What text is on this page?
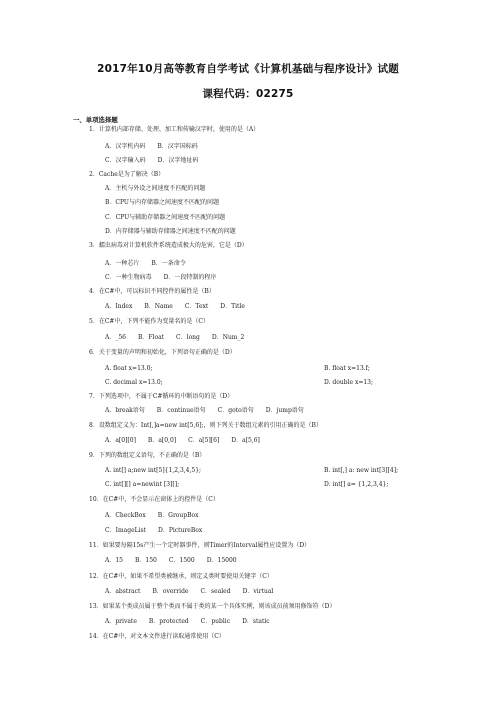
2017年10月高等教育自学考试《计算机基础与程序设计》试题
课程代码：02275
一、单项选择题
1．计算机内部存储、处理、加工和传输汉字时，使用的是（A）
A．汉字机内码　　B．汉字国标码
C．汉字输入码　　D．汉字地址码
2．Cache是为了解决（B）
A．主机与外设之间速度不匹配的问题
B．CPU与内存储器之间速度不匹配的问题
C．CPU与辅助存储器之间速度不匹配的问题
D．内存储器与辅助存储器之间速度不匹配的问题
3．蠕虫病毒对计算机软件系统造成极大的危害，它是（D）
A．一种芯片　　B．一条命令
C．一种生物病毒　　D．一段特制的程序
4．在C#中，可以标识不同控件的属性是（B）
A．Index　　B．Name　　C．Text　　D．Title
5．在C#中，下列不能作为变量名的是（C）
A．_56　　B．Float　　C．long　　D．Num_2
6．关于变量的声明和初始化，下列语句正确的是（D）
A. float x=13.0;	B. float x=13.f;
C. decimal x=13.0;	D. double x=13;
7．下列选项中，不属于C#循环的中断语句的是（D）
A．break语句　　B．continue语句　　C．goto语句　　D．jump语句
8．设数组定义为：Int[,]a=new int[5,6];，则下列关于数组元素的引用正确的是（B）
A．a[0][0]　　B．a[0,0]　　C．a[5][6]　　D．a[5,6]
9．下列的数组定义语句，不正确的是（B）
A. int[] a;new int[5]{1,2,3,4,5};	B. int[,] a: new int[3][4];
C. int[][] a=newint [3][];	D. int[] a= {1,2,3,4};
10．在C#中，不会显示在窗体上的控件是（C）
A．CheckBox　　B．GroupBox
C．ImageList　　D．PictureBox
11．如果要每隔15s产生一个定时器事件，则Timer的Interval属性应设置为（D）
A．15　　B．150　　C．1500　　D．15000
12．在C#中，如果不希望类被继承，则定义类时要使用关键字（C）
A．abstract　　B．override　　C．sealed　　D．virtual
13．如果某个类成员属于整个类而不属于类的某一个具体实例，则该成员前须用修饰符（D）
A．private　　B．protected　　C．public　　D．static
14．在C#中，对文本文件进行读取通常使用（C）
